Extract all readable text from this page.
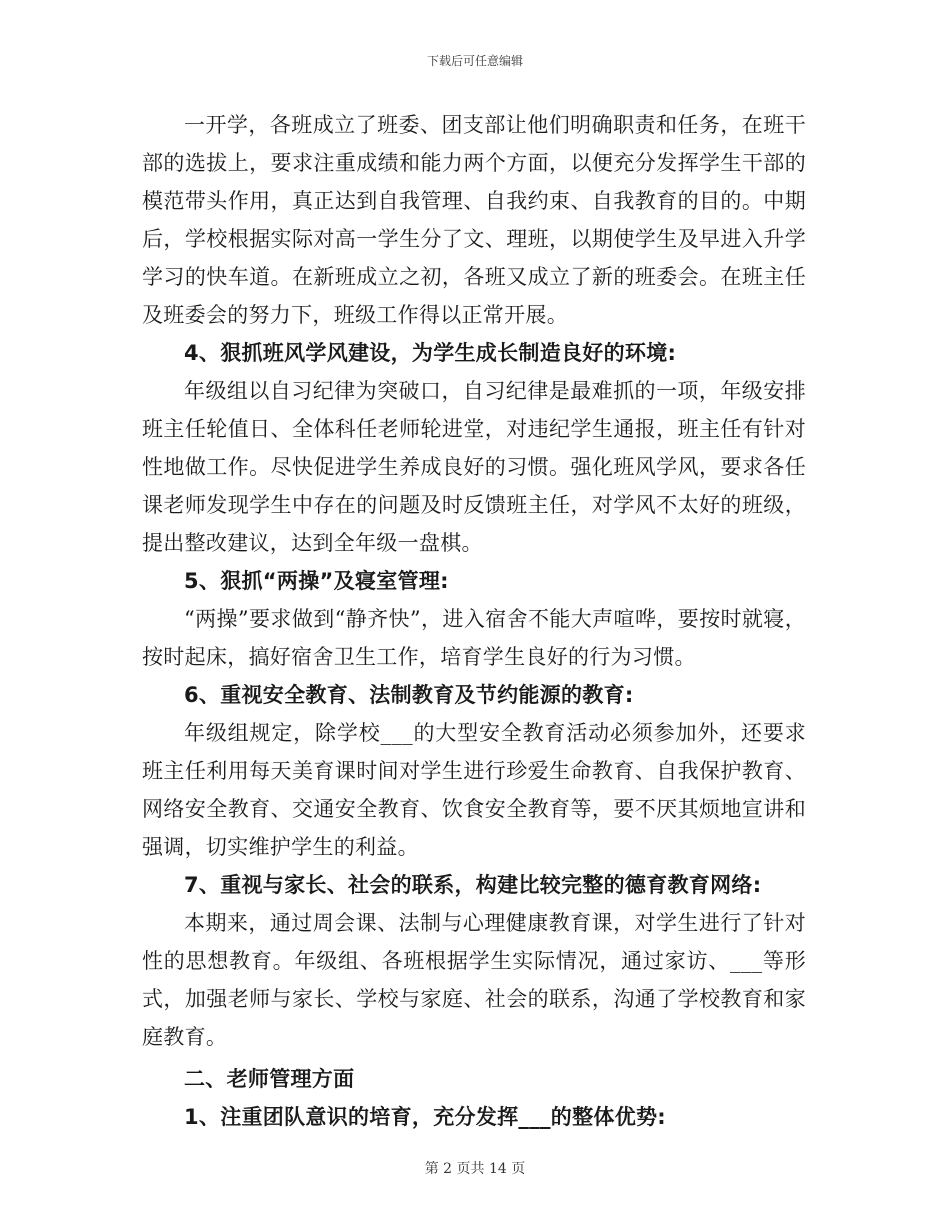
下载后可任意编辑

一开学，各班成立了班委、团支部让他们明确职责和任务，在班干部的选拔上，要求注重成绩和能力两个方面，以便充分发挥学生干部的模范带头作用，真正达到自我管理、自我约束、自我教育的目的。中期后，学校根据实际对高一学生分了文、理班，以期使学生及早进入升学学习的快车道。在新班成立之初，各班又成立了新的班委会。在班主任及班委会的努力下，班级工作得以正常开展。

4、狠抓班风学风建设，为学生成长制造良好的环境:

年级组以自习纪律为突破口，自习纪律是最难抓的一项，年级安排班主任轮值日、全体科任老师轮进堂，对违纪学生通报，班主任有针对性地做工作。尽快促进学生养成良好的习惯。强化班风学风，要求各任课老师发现学生中存在的问题及时反馈班主任，对学风不太好的班级，提出整改建议，达到全年级一盘棋。

5、狠抓“两操”及寝室管理:

“两操”要求做到“静齐快”，进入宿舍不能大声喧哗，要按时就寝，按时起床，搞好宿舍卫生工作，培育学生良好的行为习惯。

6、重视安全教育、法制教育及节约能源的教育:

年级组规定，除学校___的大型安全教育活动必须参加外，还要求班主任利用每天美育课时间对学生进行珍爱生命教育、自我保护教育、网络安全教育、交通安全教育、饮食安全教育等，要不厌其烦地宣讲和强调，切实维护学生的利益。

7、重视与家长、社会的联系，构建比较完整的德育教育网络:

本期来，通过周会课、法制与心理健康教育课，对学生进行了针对性的思想教育。年级组、各班根据学生实际情况，通过家访、___等形式，加强老师与家长、学校与家庭、社会的联系，沟通了学校教育和家庭教育。

二、老师管理方面

1、注重团队意识的培育，充分发挥___的整体优势:

第 2 页共 14 页
